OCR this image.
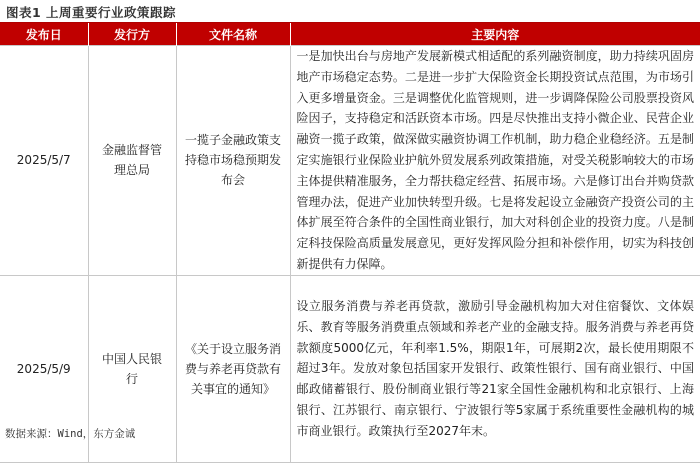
图表1 上周重要行业政策跟踪
发布日	发行方	文件名称	主要内容
2025/5/7	金融监督管理总局	一揽子金融政策支持稳市场稳预期发布会	一是加快出台与房地产发展新模式相适配的系列融资制度，助力持续巩固房地产市场稳定态势。二是进一步扩大保险资金长期投资试点范围，为市场引入更多增量资金。三是调整优化监管规则，进一步调降保险公司股票投资风险因子，支持稳定和活跃资本市场。四是尽快推出支持小微企业、民营企业融资一揽子政策，做深做实融资协调工作机制，助力稳企业稳经济。五是制定实施银行业保险业护航外贸发展系列政策措施，对受关税影响较大的市场主体提供精准服务，全力帮扶稳定经营、拓展市场。六是修订出台并购贷款管理办法，促进产业加快转型升级。七是将发起设立金融资产投资公司的主体扩展至符合条件的全国性商业银行，加大对科创企业的投资力度。八是制定科技保险高质量发展意见，更好发挥风险分担和补偿作用，切实为科技创新提供有力保障。
2025/5/9	中国人民银行	《关于设立服务消费与养老再贷款有关事宜的通知》	设立服务消费与养老再贷款，激励引导金融机构加大对住宿餐饮、文体娱乐、教育等服务消费重点领域和养老产业的金融支持。服务消费与养老再贷款额度5000亿元，年利率1.5%，期限1年，可展期2次，最长使用期限不超过3年。发放对象包括国家开发银行、政策性银行、国有商业银行、中国邮政储蓄银行、股份制商业银行等21家全国性金融机构和北京银行、上海银行、江苏银行、南京银行、宁波银行等5家属于系统重要性金融机构的城市商业银行。政策执行至2027年末。
数据来源：Wind，东方金诚
